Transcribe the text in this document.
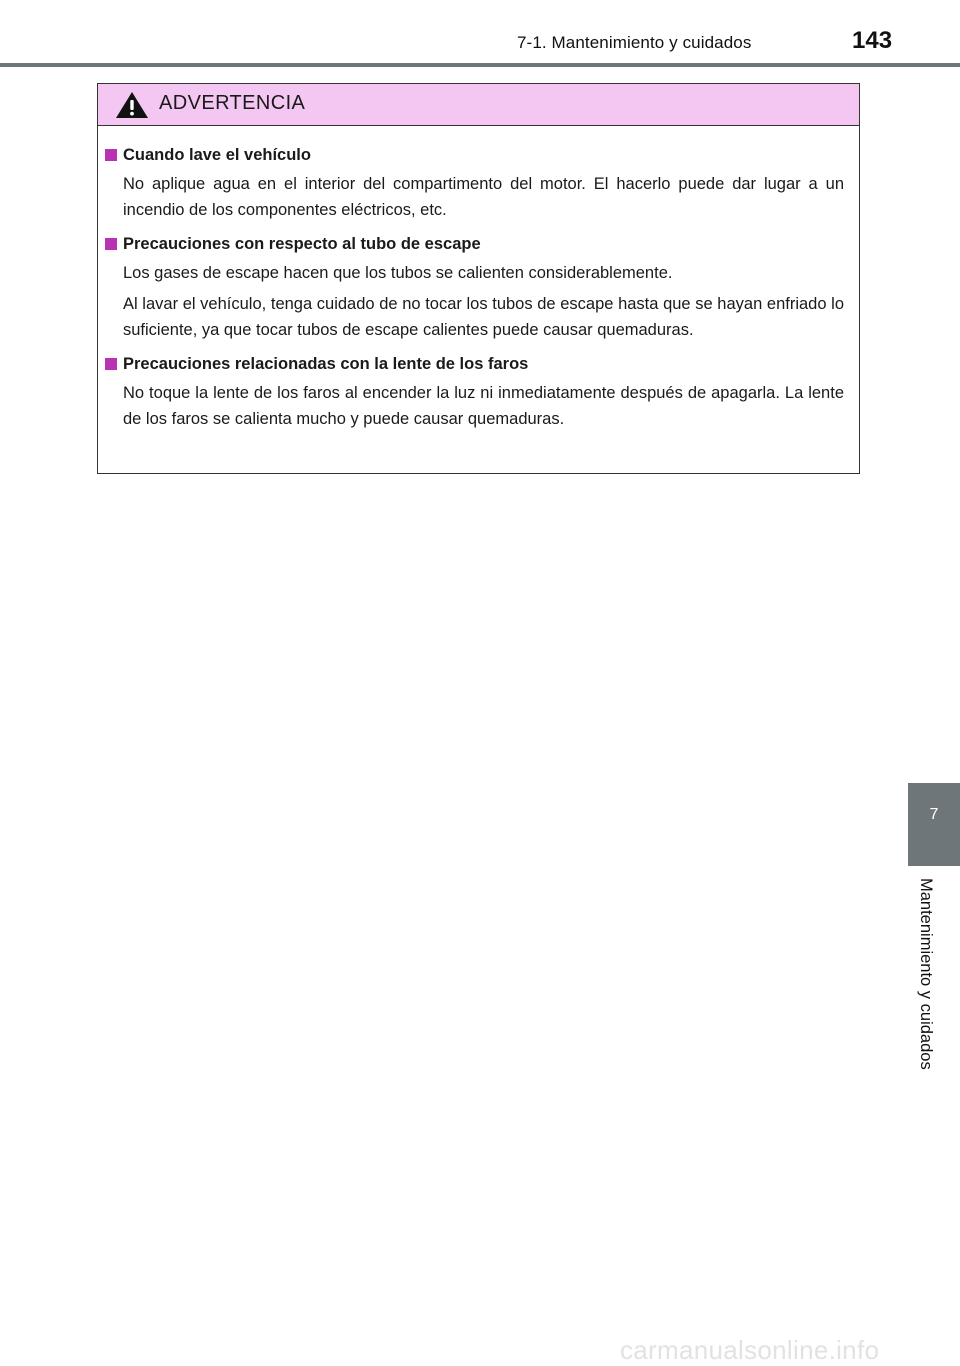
7-1. Mantenimiento y cuidados	143
ADVERTENCIA
Cuando lave el vehículo

No aplique agua en el interior del compartimento del motor. El hacerlo puede dar lugar a un incendio de los componentes eléctricos, etc.

Precauciones con respecto al tubo de escape

Los gases de escape hacen que los tubos se calienten considerablemente.

Al lavar el vehículo, tenga cuidado de no tocar los tubos de escape hasta que se hayan enfriado lo suficiente, ya que tocar tubos de escape calientes puede causar quemaduras.

Precauciones relacionadas con la lente de los faros

No toque la lente de los faros al encender la luz ni inmediatamente después de apagarla. La lente de los faros se calienta mucho y puede causar quemaduras.

7
Mantenimiento y cuidados
carmanualsonline.info
